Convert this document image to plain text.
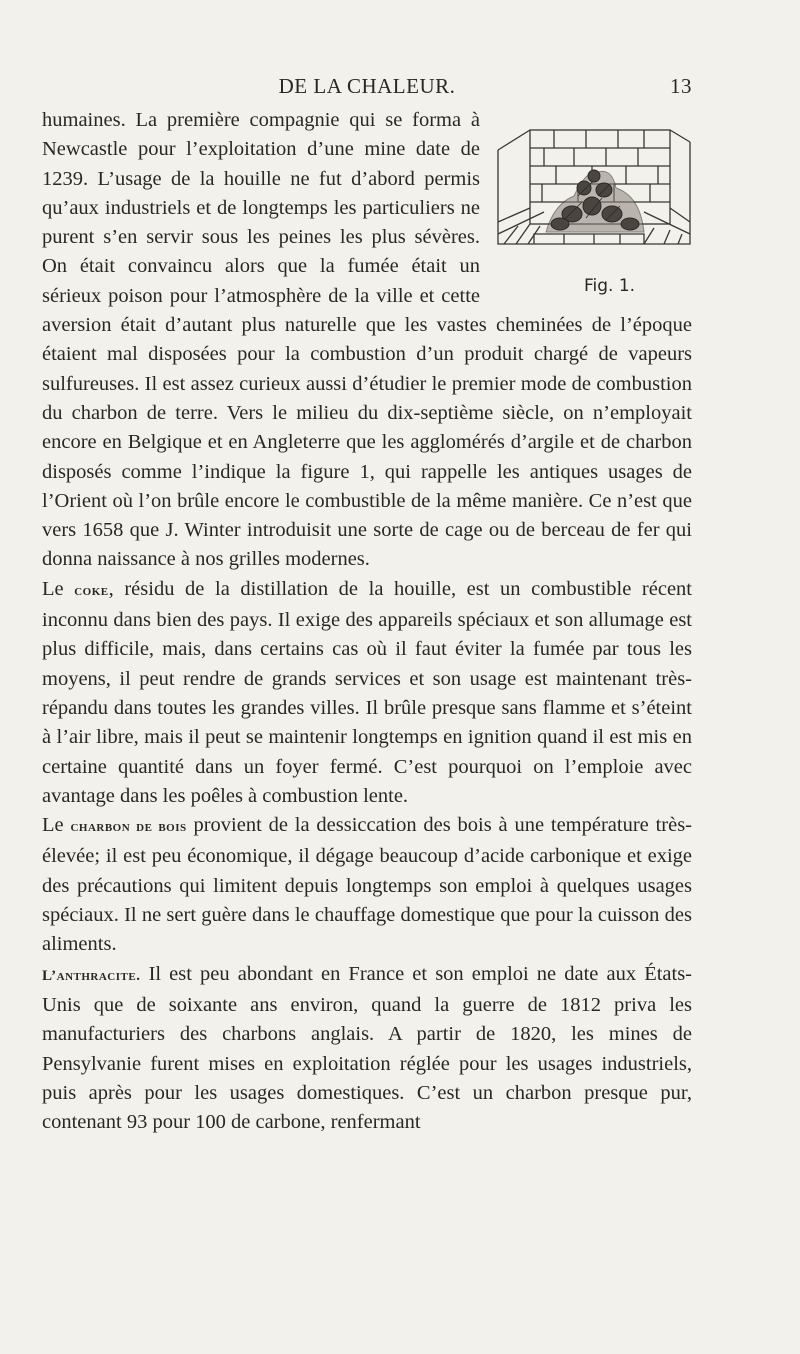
DE LA CHALEUR.	13

Fig. 1.
humaines. La première compagnie qui se forma à Newcastle pour l’exploitation d’une mine date de 1239. L’usage de la houille ne fut d’abord permis qu’aux industriels et de longtemps les particuliers ne purent s’en servir sous les peines les plus sévères. On était convaincu alors que la fumée était un sérieux poison pour l’atmosphère de la ville et cette aversion était d’autant plus naturelle que les vastes cheminées de l’époque étaient mal disposées pour la combustion d’un produit chargé de vapeurs sulfureuses. Il est assez curieux aussi d’étudier le premier mode de combustion du charbon de terre. Vers le milieu du dix-septième siècle, on n’employait encore en Belgique et en Angleterre que les agglomérés d’argile et de charbon disposés comme l’indique la figure 1, qui rappelle les antiques usages de l’Orient où l’on brûle encore le combustible de la même manière. Ce n’est que vers 1658 que J. Winter introduisit une sorte de cage ou de berceau de fer qui donna naissance à nos grilles modernes.

Le coke, résidu de la distillation de la houille, est un combustible récent inconnu dans bien des pays. Il exige des appareils spéciaux et son allumage est plus difficile, mais, dans certains cas où il faut éviter la fumée par tous les moyens, il peut rendre de grands services et son usage est maintenant très-répandu dans toutes les grandes villes. Il brûle presque sans flamme et s’éteint à l’air libre, mais il peut se maintenir longtemps en ignition quand il est mis en certaine quantité dans un foyer fermé. C’est pourquoi on l’emploie avec avantage dans les poêles à combustion lente.

Le charbon de bois provient de la dessiccation des bois à une température très-élevée; il est peu économique, il dégage beaucoup d’acide carbonique et exige des précautions qui limitent depuis longtemps son emploi à quelques usages spéciaux. Il ne sert guère dans le chauffage domestique que pour la cuisson des aliments.

L’anthracite. Il est peu abondant en France et son emploi ne date aux États-Unis que de soixante ans environ, quand la guerre de 1812 priva les manufacturiers des charbons anglais. A partir de 1820, les mines de Pensylvanie furent mises en exploitation réglée pour les usages industriels, puis après pour les usages domestiques. C’est un charbon presque pur, contenant 93 pour 100 de carbone, renfermant
